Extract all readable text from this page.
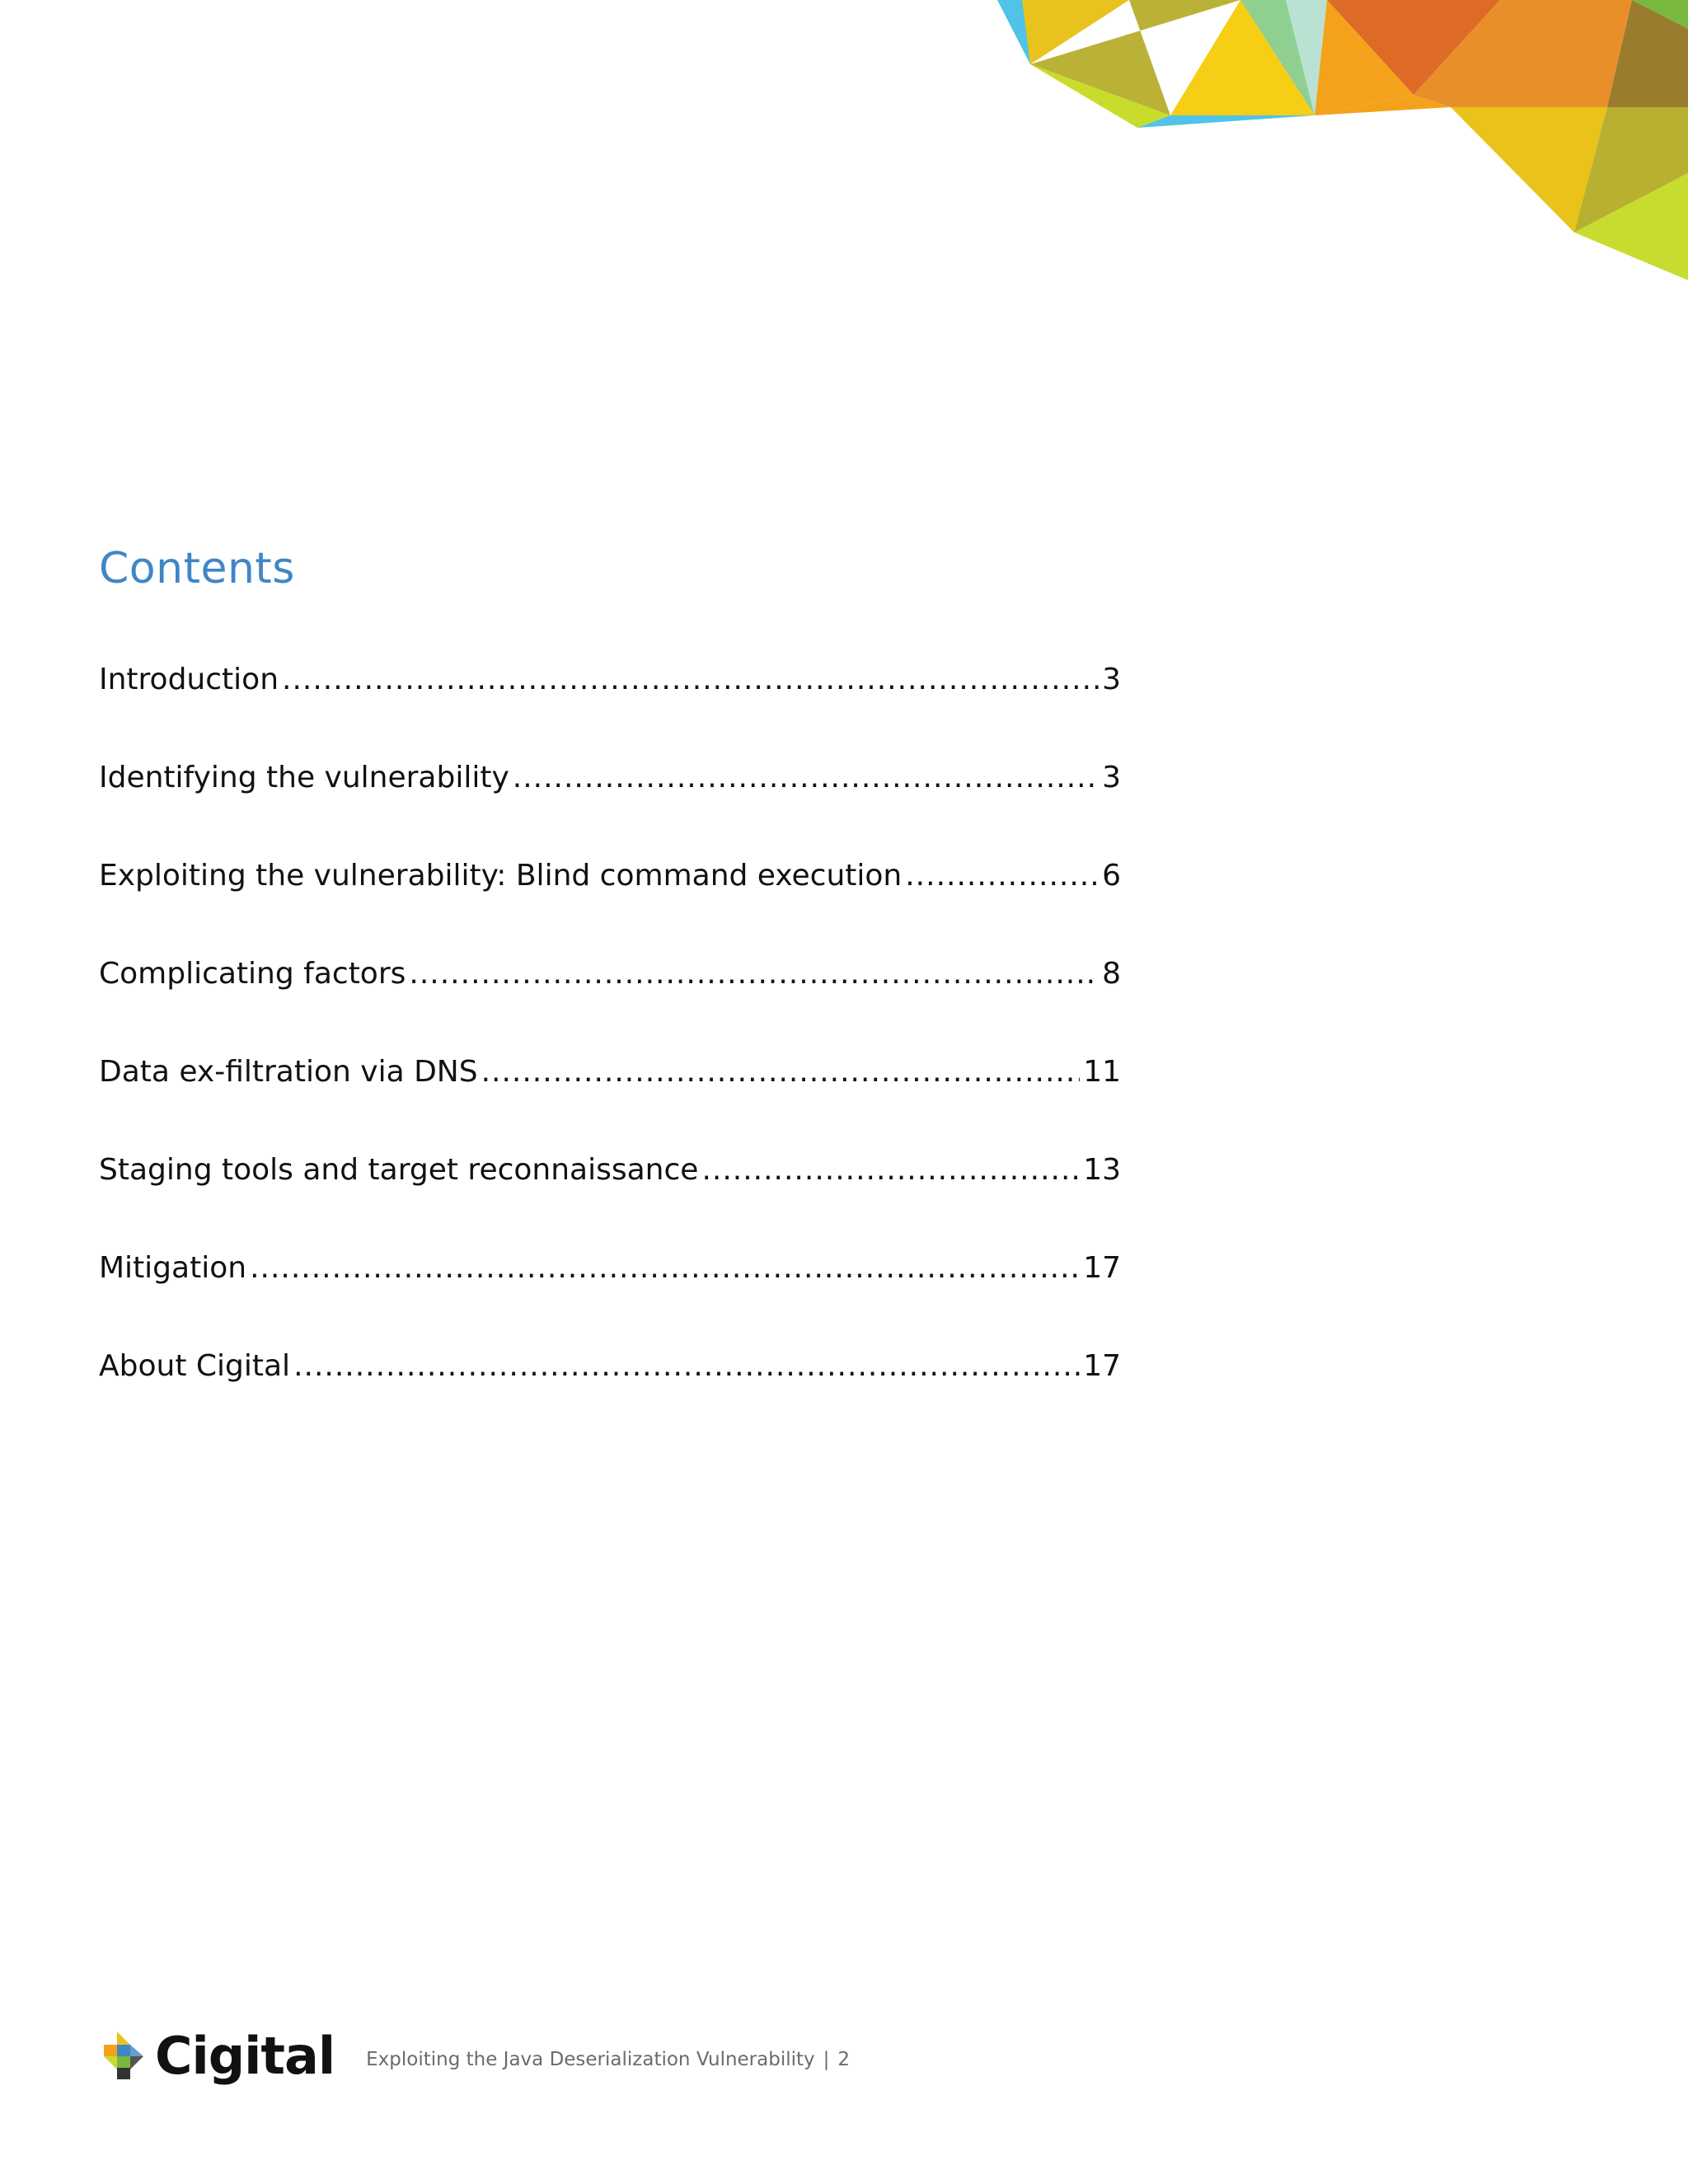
Contents
Introduction .....	3
Identifying the vulnerability .....	3
Exploiting the vulnerability: Blind command execution .....	6
Complicating factors .....	8
Data ex-filtration via DNS .....	11
Staging tools and target reconnaissance .....	13
Mitigation .....	17
About Cigital .....	17
Cigital Exploiting the Java Deserialization Vulnerability | 2
